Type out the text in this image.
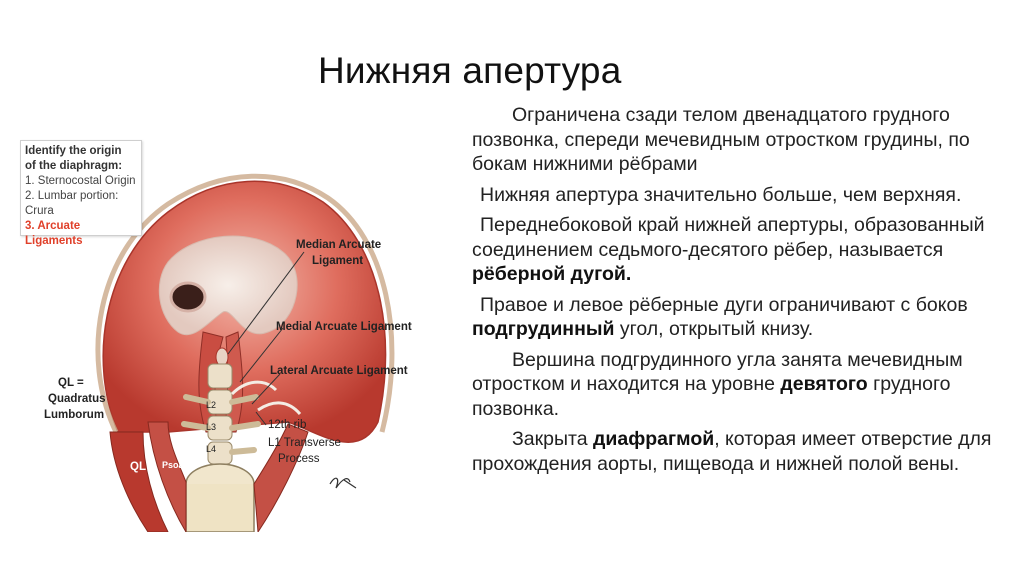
Нижняя апертура

Ограничена сзади телом двенадцатого грудного позвонка, спереди мечевидным отростком грудины, по бокам нижними рёбрами

Нижняя апертура значительно больше, чем верхняя.

Переднебоковой край нижней апертуры, образованный соединением седьмого-десятого рёбер, называется рёберной дугой.

Правое и левое рёберные дуги ограничивают с боков подгрудинный угол, открытый книзу.

Вершина подгрудинного угла занята мечевидным отростком и находится на уровне девятого грудного позвонка.

Закрыта диафрагмой, которая имеет отверстие для прохождения аорты, пищевода и нижней полой вены.

Identify the origin
of the diaphragm:
1. Sternocostal Origin
2. Lumbar portion: Crura
3. Arcuate Ligaments	Median Arcuate
Ligament
Medial Arcuate Ligament
Lateral Arcuate Ligament
QL =
Quadratus
Lumborum
12th rib
L1 Transverse
Process
QL Psoas
L2
L3
L4
